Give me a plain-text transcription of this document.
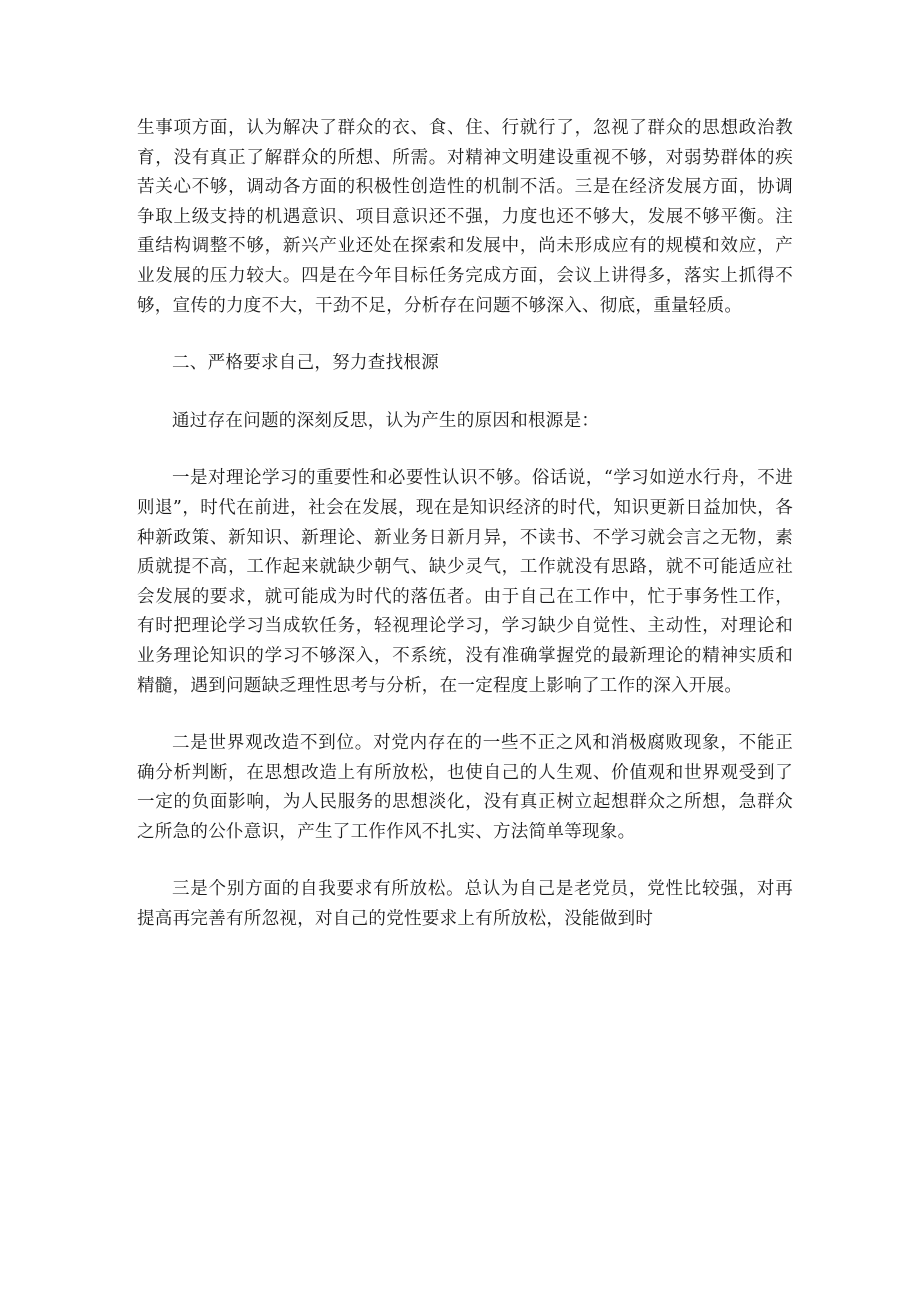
生事项方面，认为解决了群众的衣、食、住、行就行了，忽视了群众的思想政治教育，没有真正了解群众的所想、所需。对精神文明建设重视不够，对弱势群体的疾苦关心不够，调动各方面的积极性创造性的机制不活。三是在经济发展方面，协调争取上级支持的机遇意识、项目意识还不强，力度也还不够大，发展不够平衡。注重结构调整不够，新兴产业还处在探索和发展中，尚未形成应有的规模和效应，产业发展的压力较大。四是在今年目标任务完成方面，会议上讲得多，落实上抓得不够，宣传的力度不大，干劲不足，分析存在问题不够深入、彻底，重量轻质。

二、严格要求自己，努力查找根源

通过存在问题的深刻反思，认为产生的原因和根源是：

一是对理论学习的重要性和必要性认识不够。俗话说，“学习如逆水行舟，不进则退”，时代在前进，社会在发展，现在是知识经济的时代，知识更新日益加快，各种新政策、新知识、新理论、新业务日新月异，不读书、不学习就会言之无物，素质就提不高，工作起来就缺少朝气、缺少灵气，工作就没有思路，就不可能适应社会发展的要求，就可能成为时代的落伍者。由于自己在工作中，忙于事务性工作，有时把理论学习当成软任务，轻视理论学习，学习缺少自觉性、主动性，对理论和业务理论知识的学习不够深入，不系统，没有准确掌握党的最新理论的精神实质和精髓，遇到问题缺乏理性思考与分析，在一定程度上影响了工作的深入开展。

二是世界观改造不到位。对党内存在的一些不正之风和消极腐败现象，不能正确分析判断，在思想改造上有所放松，也使自己的人生观、价值观和世界观受到了一定的负面影响，为人民服务的思想淡化，没有真正树立起想群众之所想，急群众之所急的公仆意识，产生了工作作风不扎实、方法简单等现象。

三是个别方面的自我要求有所放松。总认为自己是老党员，党性比较强，对再提高再完善有所忽视，对自己的党性要求上有所放松，没能做到时
